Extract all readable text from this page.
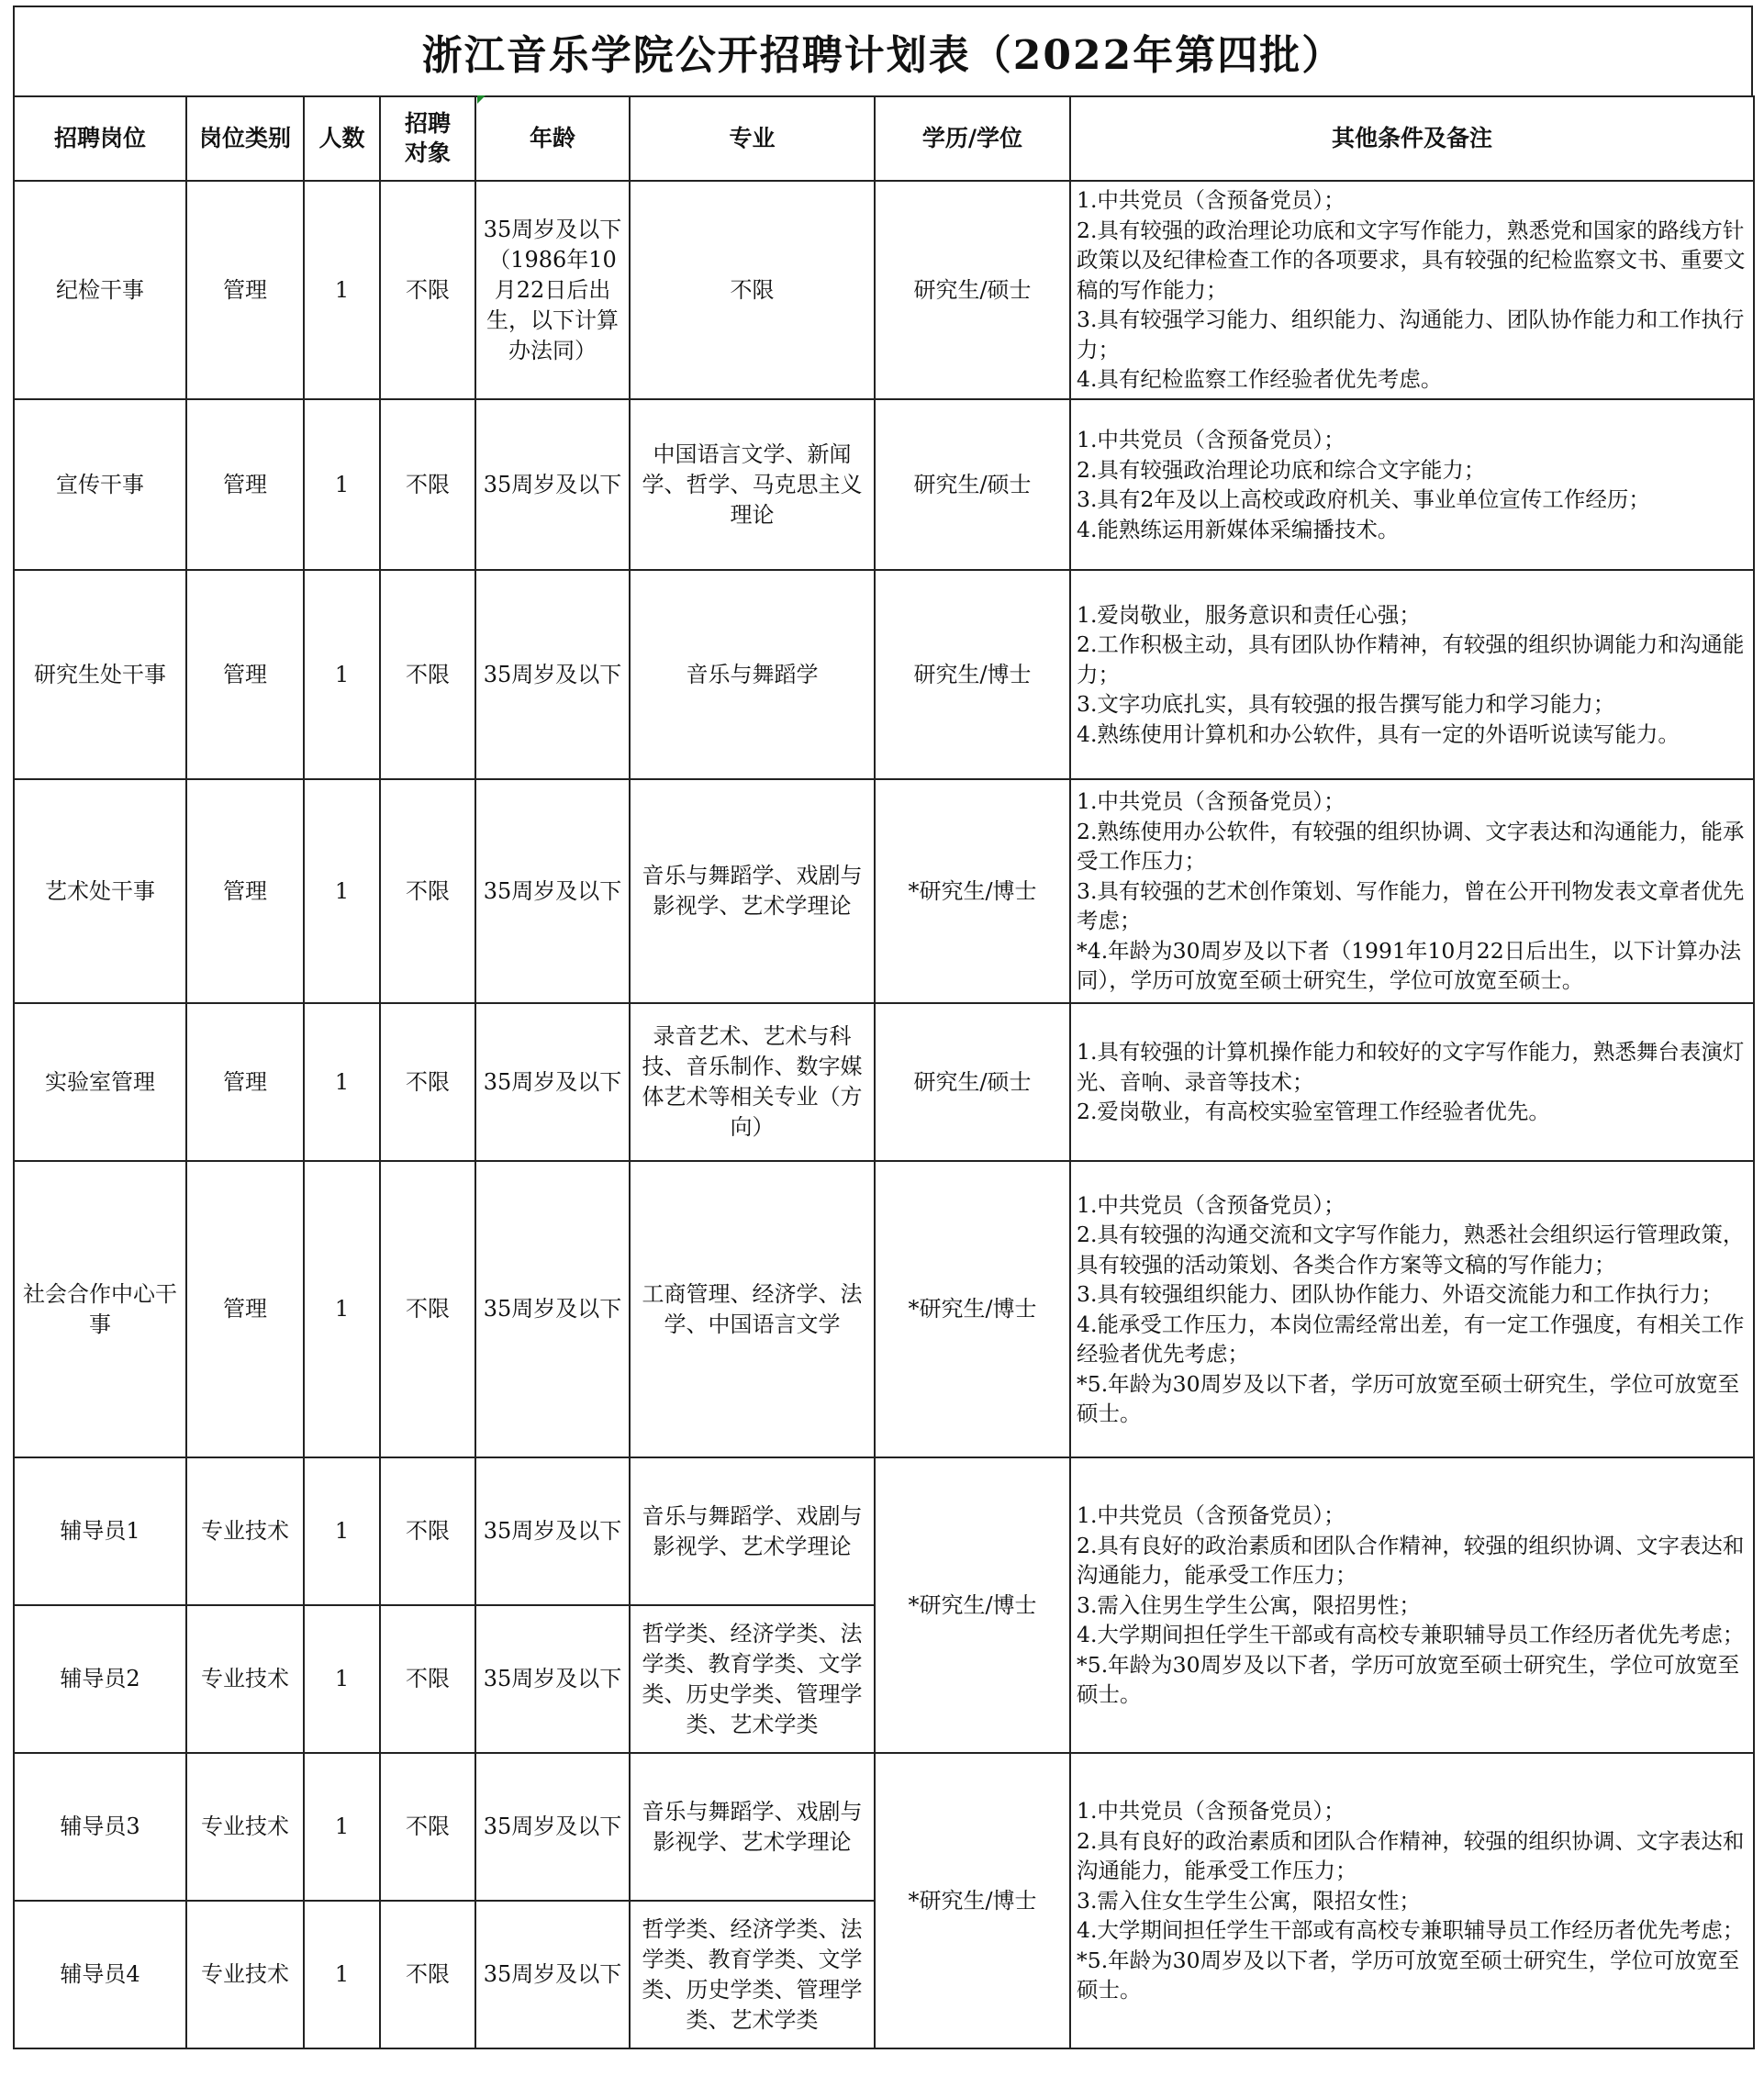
浙江音乐学院公开招聘计划表（2022年第四批）
招聘岗位	岗位类别	人数	招聘对象	年龄	专业	学历/学位	其他条件及备注
纪检干事	管理	1	不限	35周岁及以下（1986年10月22日后出生，以下计算办法同）	不限	研究生/硕士	1.中共党员（含预备党员）；
2.具有较强的政治理论功底和文字写作能力，熟悉党和国家的路线方针政策以及纪律检查工作的各项要求，具有较强的纪检监察文书、重要文稿的写作能力；
3.具有较强学习能力、组织能力、沟通能力、团队协作能力和工作执行力；
4.具有纪检监察工作经验者优先考虑。

宣传干事	管理	1	不限	35周岁及以下	中国语言文学、新闻学、哲学、马克思主义理论	研究生/硕士	1.中共党员（含预备党员）；
2.具有较强政治理论功底和综合文字能力；
3.具有2年及以上高校或政府机关、事业单位宣传工作经历；
4.能熟练运用新媒体采编播技术。

研究生处干事	管理	1	不限	35周岁及以下	音乐与舞蹈学	研究生/博士	1.爱岗敬业，服务意识和责任心强；
2.工作积极主动，具有团队协作精神，有较强的组织协调能力和沟通能力；
3.文字功底扎实，具有较强的报告撰写能力和学习能力；
4.熟练使用计算机和办公软件，具有一定的外语听说读写能力。

艺术处干事	管理	1	不限	35周岁及以下	音乐与舞蹈学、戏剧与影视学、艺术学理论	*研究生/博士	1.中共党员（含预备党员）；
2.熟练使用办公软件，有较强的组织协调、文字表达和沟通能力，能承受工作压力；
3.具有较强的艺术创作策划、写作能力，曾在公开刊物发表文章者优先考虑；
*4.年龄为30周岁及以下者（1991年10月22日后出生，以下计算办法同），学历可放宽至硕士研究生，学位可放宽至硕士。

实验室管理	管理	1	不限	35周岁及以下	录音艺术、艺术与科技、音乐制作、数字媒体艺术等相关专业（方向）	研究生/硕士	1.具有较强的计算机操作能力和较好的文字写作能力，熟悉舞台表演灯光、音响、录音等技术；
2.爱岗敬业，有高校实验室管理工作经验者优先。

社会合作中心干事	管理	1	不限	35周岁及以下	工商管理、经济学、法学、中国语言文学	*研究生/博士	1.中共党员（含预备党员）；
2.具有较强的沟通交流和文字写作能力，熟悉社会组织运行管理政策，具有较强的活动策划、各类合作方案等文稿的写作能力；
3.具有较强组织能力、团队协作能力、外语交流能力和工作执行力；
4.能承受工作压力，本岗位需经常出差，有一定工作强度，有相关工作经验者优先考虑；
*5.年龄为30周岁及以下者，学历可放宽至硕士研究生，学位可放宽至硕士。

辅导员1	专业技术	1	不限	35周岁及以下	音乐与舞蹈学、戏剧与影视学、艺术学理论	*研究生/博士	1.中共党员（含预备党员）；
2.具有良好的政治素质和团队合作精神，较强的组织协调、文字表达和沟通能力，能承受工作压力；
3.需入住男生学生公寓，限招男性；
4.大学期间担任学生干部或有高校专兼职辅导员工作经历者优先考虑；
*5.年龄为30周岁及以下者，学历可放宽至硕士研究生，学位可放宽至硕士。

辅导员2	专业技术	1	不限	35周岁及以下	哲学类、经济学类、法学类、教育学类、文学类、历史学类、管理学类、艺术学类		
辅导员3	专业技术	1	不限	35周岁及以下	音乐与舞蹈学、戏剧与影视学、艺术学理论	*研究生/博士	1.中共党员（含预备党员）；
2.具有良好的政治素质和团队合作精神，较强的组织协调、文字表达和沟通能力，能承受工作压力；
3.需入住女生学生公寓，限招女性；
4.大学期间担任学生干部或有高校专兼职辅导员工作经历者优先考虑；
*5.年龄为30周岁及以下者，学历可放宽至硕士研究生，学位可放宽至硕士。

辅导员4	专业技术	1	不限	35周岁及以下	哲学类、经济学类、法学类、教育学类、文学类、历史学类、管理学类、艺术学类		
